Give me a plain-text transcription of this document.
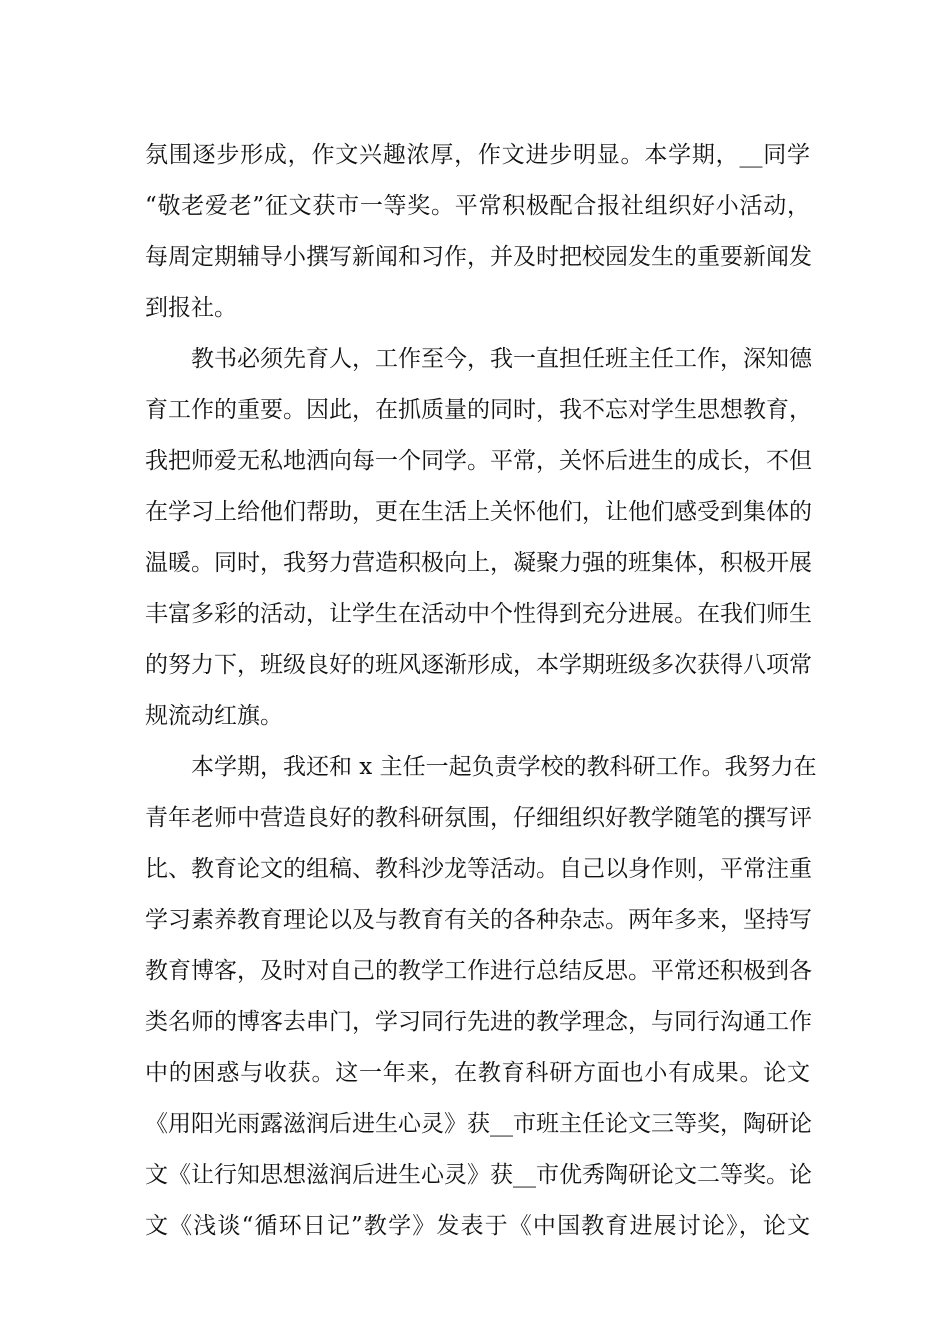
氛围逐步形成，作文兴趣浓厚，作文进步明显。本学期，__同学
“敬老爱老”征文获市一等奖。平常积极配合报社组织好小活动，
每周定期辅导小撰写新闻和习作，并及时把校园发生的重要新闻发
到报社。
教书必须先育人，工作至今，我一直担任班主任工作，深知德
育工作的重要。因此，在抓质量的同时，我不忘对学生思想教育，
我把师爱无私地洒向每一个同学。平常，关怀后进生的成长，不但
在学习上给他们帮助，更在生活上关怀他们，让他们感受到集体的
温暖。同时，我努力营造积极向上，凝聚力强的班集体，积极开展
丰富多彩的活动，让学生在活动中个性得到充分进展。在我们师生
的努力下，班级良好的班风逐渐形成，本学期班级多次获得八项常
规流动红旗。
本学期，我还和 x 主任一起负责学校的教科研工作。我努力在
青年老师中营造良好的教科研氛围，仔细组织好教学随笔的撰写评
比、教育论文的组稿、教科沙龙等活动。自己以身作则，平常注重
学习素养教育理论以及与教育有关的各种杂志。两年多来，坚持写
教育博客，及时对自己的教学工作进行总结反思。平常还积极到各
类名师的博客去串门，学习同行先进的教学理念，与同行沟通工作
中的困惑与收获。这一年来，在教育科研方面也小有成果。论文
《用阳光雨露滋润后进生心灵》获__市班主任论文三等奖，陶研论
文《让行知思想滋润后进生心灵》获__市优秀陶研论文二等奖。论
文《浅谈“循环日记”教学》发表于《中国教育进展讨论》，论文
